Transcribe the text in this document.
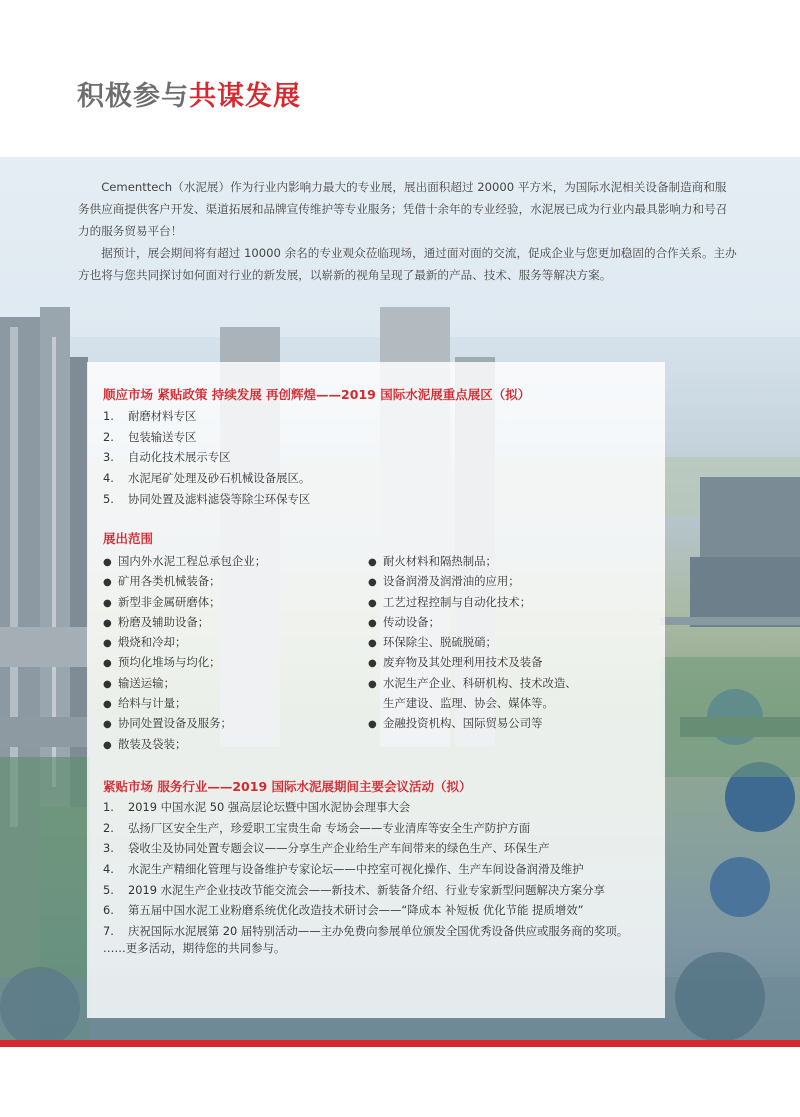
积极参与共谋发展

Cementtech（水泥展）作为行业内影响力最大的专业展，展出面积超过 20000 平方米，为国际水泥相关设备制造商和服务供应商提供客户开发、渠道拓展和品牌宣传维护等专业服务；凭借十余年的专业经验，水泥展已成为行业内最具影响力和号召力的服务贸易平台！

据预计，展会期间将有超过 10000 余名的专业观众莅临现场，通过面对面的交流，促成企业与您更加稳固的合作关系。主办方也将与您共同探讨如何面对行业的新发展，以崭新的视角呈现了最新的产品、技术、服务等解决方案。

顺应市场 紧贴政策 持续发展 再创辉煌——2019 国际水泥展重点展区（拟）
1. 耐磨材料专区
2. 包装输送专区
3. 自动化技术展示专区
4. 水泥尾矿处理及砂石机械设备展区。
5. 协同处置及滤料滤袋等除尘环保专区
展出范围
● 国内外水泥工程总承包企业；
● 矿用各类机械装备；
● 新型非金属研磨体；
● 粉磨及辅助设备；
● 煅烧和冷却；
● 预均化堆场与均化；
● 输送运输；
● 给料与计量；
● 协同处置设备及服务；
● 散装及袋装；
● 耐火材料和隔热制品；
● 设备润滑及润滑油的应用；
● 工艺过程控制与自动化技术；
● 传动设备；
● 环保除尘、脱硫脱硝；
● 废弃物及其处理利用技术及装备
● 水泥生产企业、科研机构、技术改造、
生产建设、监理、协会、媒体等。
● 金融投资机构、国际贸易公司等
紧贴市场 服务行业——2019 国际水泥展期间主要会议活动（拟）
1. 2019 中国水泥 50 强高层论坛暨中国水泥协会理事大会
2. 弘扬厂区安全生产，珍爱职工宝贵生命 专场会——专业清库等安全生产防护方面
3. 袋收尘及协同处置专题会议——分享生产企业给生产车间带来的绿色生产、环保生产
4. 水泥生产精细化管理与设备维护专家论坛——中控室可视化操作、生产车间设备润滑及维护
5. 2019 水泥生产企业技改节能交流会——新技术、新装备介绍、行业专家新型问题解决方案分享
6. 第五届中国水泥工业粉磨系统优化改造技术研讨会——“降成本 补短板 优化节能 提质增效”
7. 庆祝国际水泥展第 20 届特别活动——主办免费向参展单位颁发全国优秀设备供应或服务商的奖项。

……更多活动，期待您的共同参与。
